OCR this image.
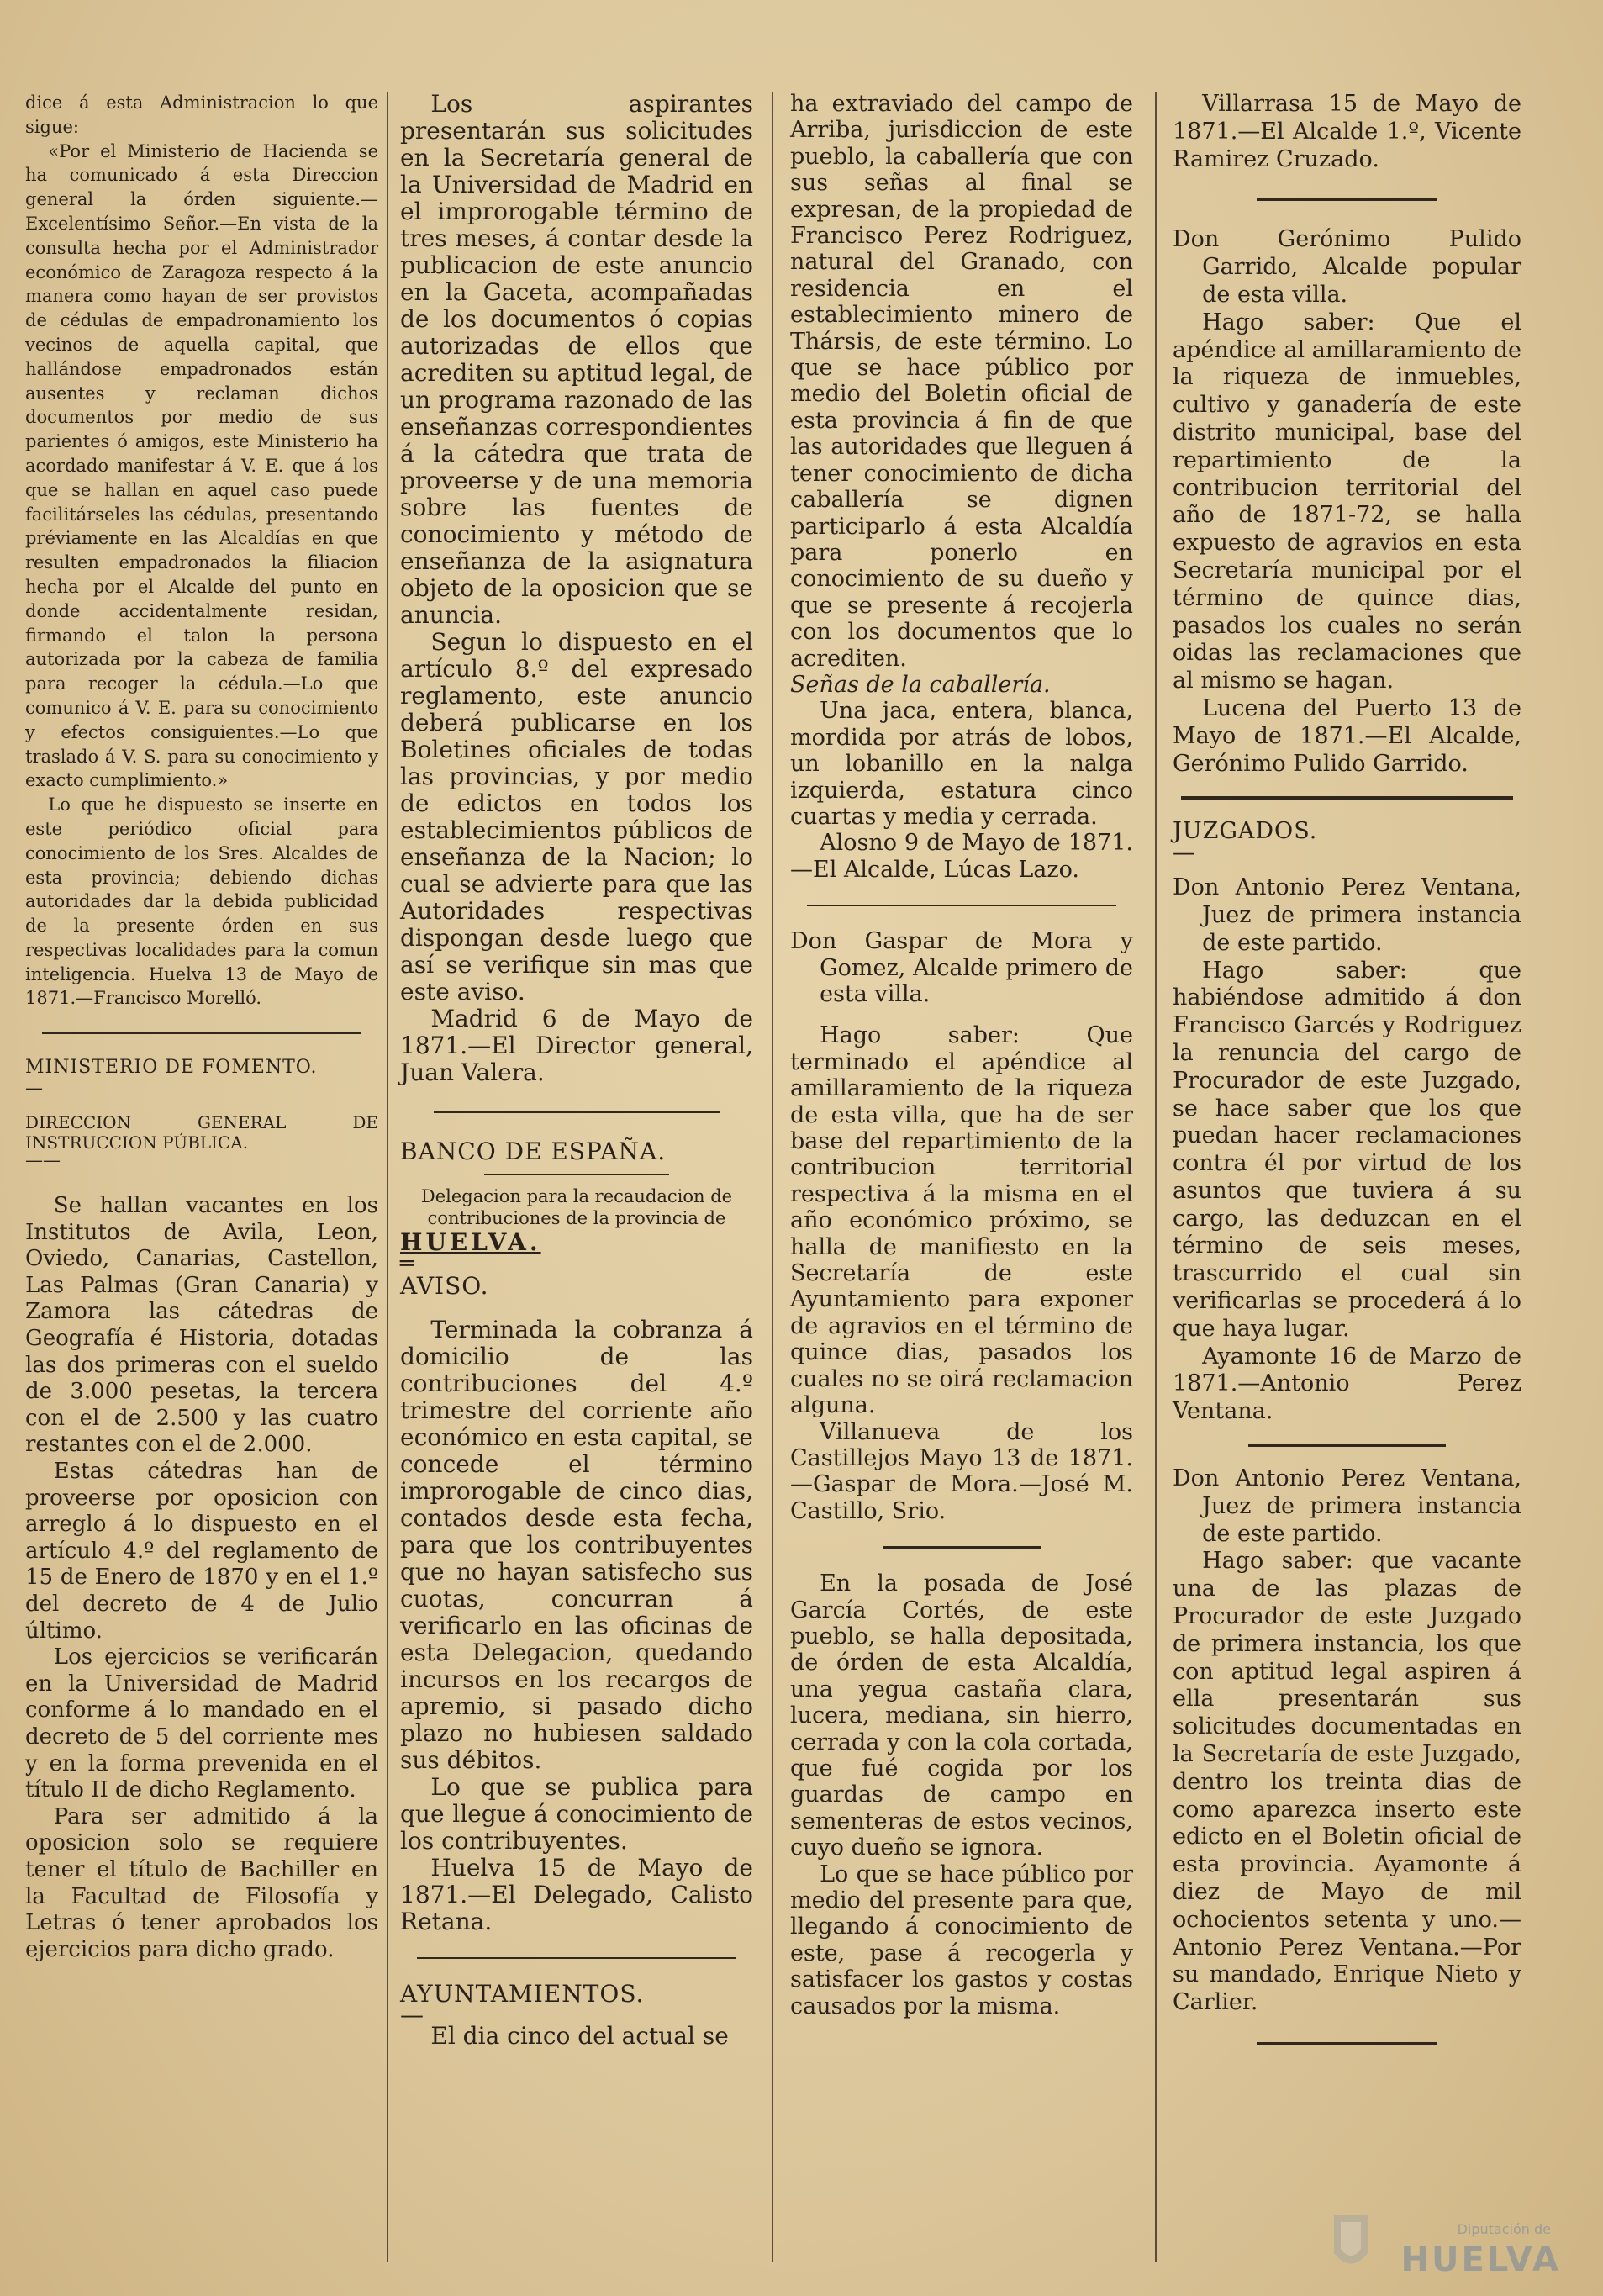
dice á esta Administracion lo que sigue:

«Por el Ministerio de Hacienda se ha comunicado á esta Direccion general la órden siguiente.—Excelentísimo Señor.—En vista de la consulta hecha por el Administrador económico de Zaragoza respecto á la manera como hayan de ser provistos de cédulas de empadronamiento los vecinos de aquella capital, que hallándose empadronados están ausentes y reclaman dichos documentos por medio de sus parientes ó amigos, este Ministerio ha acordado manifestar á V. E. que á los que se hallan en aquel caso puede facilitárseles las cédulas, presentando préviamente en las Alcaldías en que resulten empadronados la filiacion hecha por el Alcalde del punto en donde accidentalmente residan, firmando el talon la persona autorizada por la cabeza de familia para recoger la cédula.—Lo que comunico á V. E. para su conocimiento y efectos consiguientes.—Lo que traslado á V. S. para su conocimiento y exacto cumplimiento.»

Lo que he dispuesto se inserte en este periódico oficial para conocimiento de los Sres. Alcaldes de esta provincia; debiendo dichas autoridades dar la debida publicidad de la presente órden en sus respectivas localidades para la comun inteligencia. Huelva 13 de Mayo de 1871.—Francisco Morelló.

MINISTERIO DE FOMENTO.

—

DIRECCION GENERAL DE INSTRUCCION PÚBLICA.

——

Se hallan vacantes en los Institutos de Avila, Leon, Oviedo, Canarias, Castellon, Las Palmas (Gran Canaria) y Zamora las cátedras de Geografía é Historia, dotadas las dos primeras con el sueldo de 3.000 pesetas, la tercera con el de 2.500 y las cuatro restantes con el de 2.000.

Estas cátedras han de proveerse por oposicion con arreglo á lo dispuesto en el artículo 4.º del reglamento de 15 de Enero de 1870 y en el 1.º del decreto de 4 de Julio último.

Los ejercicios se verificarán en la Universidad de Madrid conforme á lo mandado en el decreto de 5 del corriente mes y en la forma prevenida en el título II de dicho Reglamento.

Para ser admitido á la oposicion solo se requiere tener el título de Bachiller en la Facultad de Filosofía y Letras ó tener aprobados los ejercicios para dicho grado.

Los aspirantes presentarán sus solicitudes en la Secretaría general de la Universidad de Madrid en el improrogable término de tres meses, á contar desde la publicacion de este anuncio en la Gaceta, acompañadas de los documentos ó copias autorizadas de ellos que acrediten su aptitud legal, de un programa razonado de las enseñanzas correspondientes á la cátedra que trata de proveerse y de una memoria sobre las fuentes de conocimiento y método de enseñanza de la asignatura objeto de la oposicion que se anuncia.

Segun lo dispuesto en el artículo 8.º del expresado reglamento, este anuncio deberá publicarse en los Boletines oficiales de todas las provincias, y por medio de edictos en todos los establecimientos públicos de enseñanza de la Nacion; lo cual se advierte para que las Autoridades respectivas dispongan desde luego que así se verifique sin mas que este aviso.

Madrid 6 de Mayo de 1871.—El Director general, Juan Valera.

BANCO DE ESPAÑA.

Delegacion para la recaudacion de contribuciones de la provincia de

HUELVA.

═

AVISO.

Terminada la cobranza á domicilio de las contribuciones del 4.º trimestre del corriente año económico en esta capital, se concede el término improrogable de cinco dias, contados desde esta fecha, para que los contribuyentes que no hayan satisfecho sus cuotas, concurran á verificarlo en las oficinas de esta Delegacion, quedando incursos en los recargos de apremio, si pasado dicho plazo no hubiesen saldado sus débitos.

Lo que se publica para que llegue á conocimiento de los contribuyentes.

Huelva 15 de Mayo de 1871.—El Delegado, Calisto Retana.

AYUNTAMIENTOS.

—

El dia cinco del actual se

ha extraviado del campo de Arriba, jurisdiccion de este pueblo, la caballería que con sus señas al final se expresan, de la propiedad de Francisco Perez Rodriguez, natural del Granado, con residencia en el establecimiento minero de Thársis, de este término. Lo que se hace público por medio del Boletin oficial de esta provincia á fin de que las autoridades que lleguen á tener conocimiento de dicha caballería se dignen participarlo á esta Alcaldía para ponerlo en conocimiento de su dueño y que se presente á recojerla con los documentos que lo acrediten.

Señas de la caballería.

Una jaca, entera, blanca, mordida por atrás de lobos, un lobanillo en la nalga izquierda, estatura cinco cuartas y media y cerrada.

Alosno 9 de Mayo de 1871.—El Alcalde, Lúcas Lazo.

Don Gaspar de Mora y Gomez, Alcalde primero de esta villa.

Hago saber: Que terminado el apéndice al amillaramiento de la riqueza de esta villa, que ha de ser base del repartimiento de la contribucion territorial respectiva á la misma en el año económico próximo, se halla de manifiesto en la Secretaría de este Ayuntamiento para exponer de agravios en el término de quince dias, pasados los cuales no se oirá reclamacion alguna.

Villanueva de los Castillejos Mayo 13 de 1871.—Gaspar de Mora.—José M. Castillo, Srio.

En la posada de José García Cortés, de este pueblo, se halla depositada, de órden de esta Alcaldía, una yegua castaña clara, lucera, mediana, sin hierro, cerrada y con la cola cortada, que fué cogida por los guardas de campo en sementeras de estos vecinos, cuyo dueño se ignora.

Lo que se hace público por medio del presente para que, llegando á conocimiento de este, pase á recogerla y satisfacer los gastos y costas causados por la misma.

Villarrasa 15 de Mayo de 1871.—El Alcalde 1.º, Vicente Ramirez Cruzado.

Don Gerónimo Pulido Garrido, Alcalde popular de esta villa.

Hago saber: Que el apéndice al amillaramiento de la riqueza de inmuebles, cultivo y ganadería de este distrito municipal, base del repartimiento de la contribucion territorial del año de 1871-72, se halla expuesto de agravios en esta Secretaría municipal por el término de quince dias, pasados los cuales no serán oidas las reclamaciones que al mismo se hagan.

Lucena del Puerto 13 de Mayo de 1871.—El Alcalde, Gerónimo Pulido Garrido.

JUZGADOS.

—

Don Antonio Perez Ventana, Juez de primera instancia de este partido.

Hago saber: que habiéndose admitido á don Francisco Garcés y Rodriguez la renuncia del cargo de Procurador de este Juzgado, se hace saber que los que puedan hacer reclamaciones contra él por virtud de los asuntos que tuviera á su cargo, las deduzcan en el término de seis meses, trascurrido el cual sin verificarlas se procederá á lo que haya lugar.

Ayamonte 16 de Marzo de 1871.—Antonio Perez Ventana.

Don Antonio Perez Ventana, Juez de primera instancia de este partido.

Hago saber: que vacante una de las plazas de Procurador de este Juzgado de primera instancia, los que con aptitud legal aspiren á ella presentarán sus solicitudes documentadas en la Secretaría de este Juzgado, dentro los treinta dias de como aparezca inserto este edicto en el Boletin oficial de esta provincia. Ayamonte á diez de Mayo de mil ochocientos setenta y uno.—Antonio Perez Ventana.—Por su mandado, Enrique Nieto y Carlier.

Diputación de
HUELVA
